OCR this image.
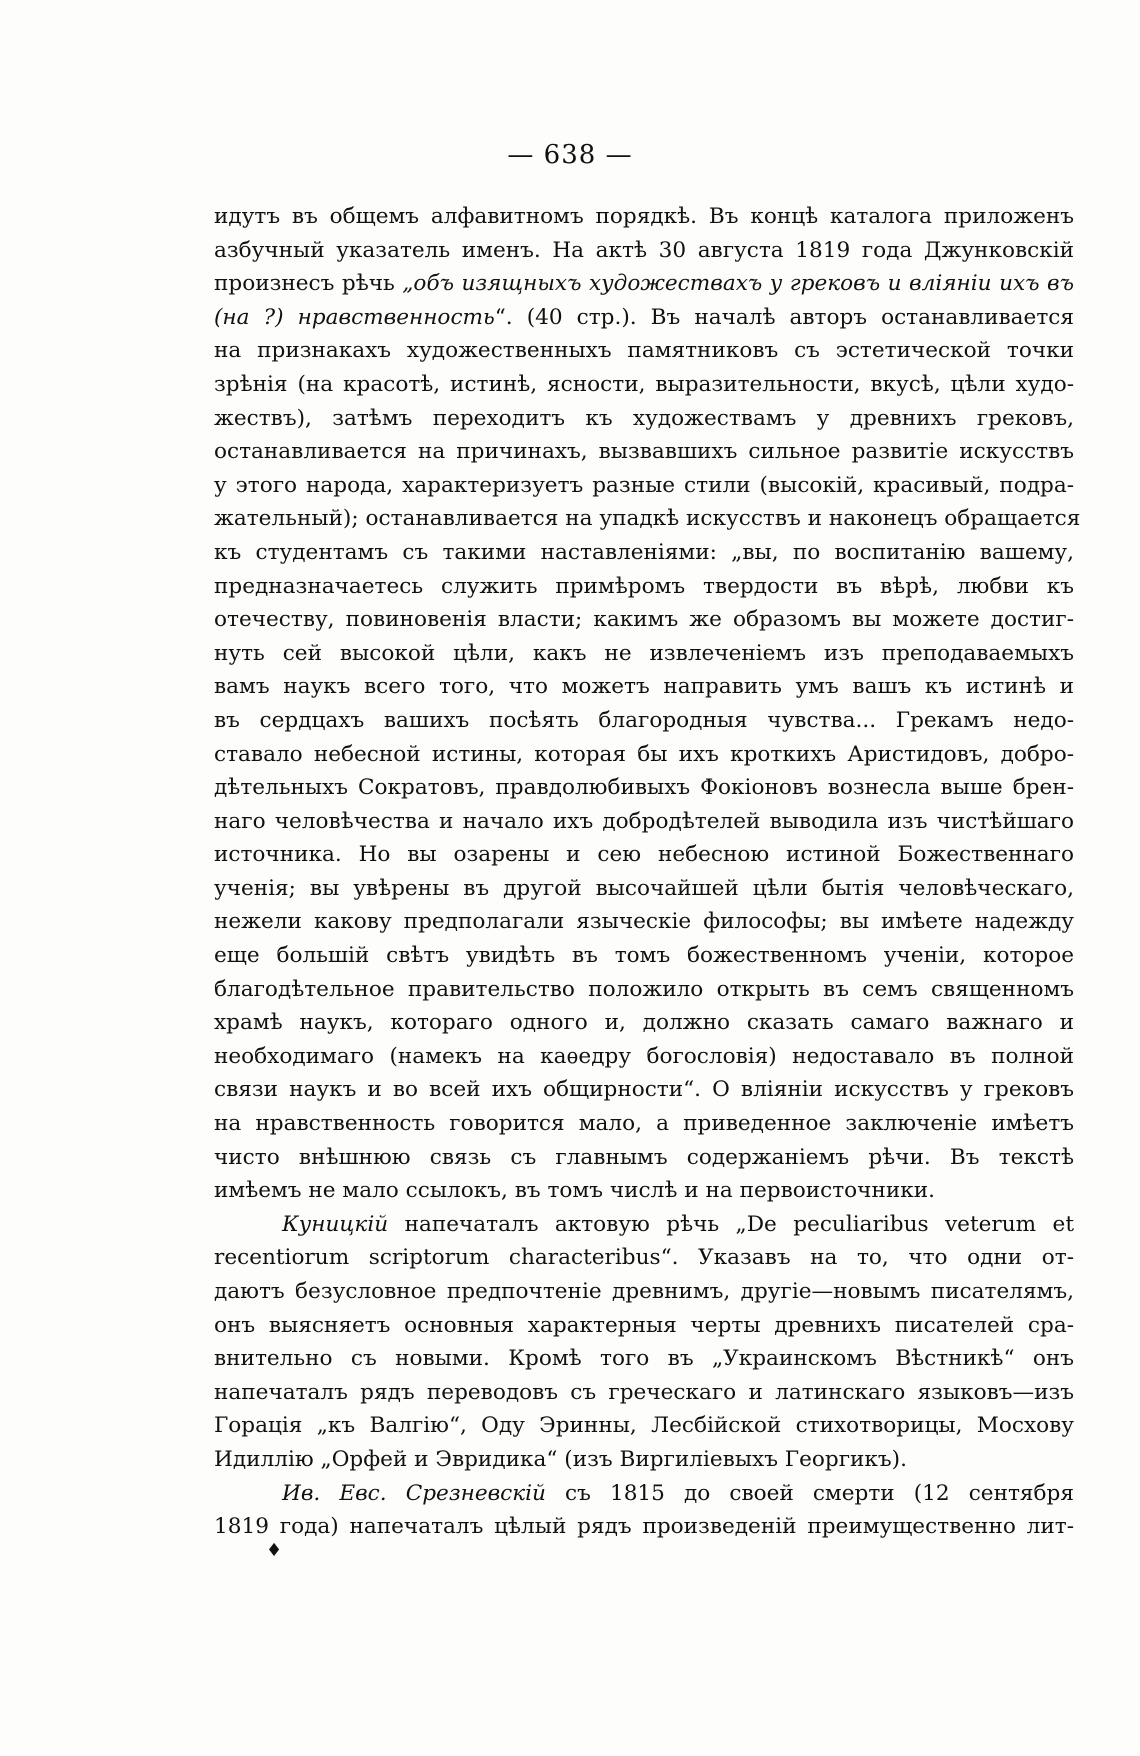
— 638 —
идутъ въ общемъ алфавитномъ порядкѣ. Въ концѣ каталога приложенъ
азбучный указатель именъ. На актѣ 30 августа 1819 года Джунковскій
произнесъ рѣчь „объ изящныхъ художествахъ у грековъ и вліяніи ихъ въ
(на ?) нравственность“. (40 стр.). Въ началѣ авторъ останавливается
на признакахъ художественныхъ памятниковъ съ эстетической точки
зрѣнія (на красотѣ, истинѣ, ясности, выразительности, вкусѣ, цѣли худо-
жествъ), затѣмъ переходитъ къ художествамъ у древнихъ грековъ,
останавливается на причинахъ, вызвавшихъ сильное развитіе искусствъ
у этого народа, характеризуетъ разные стили (высокій, красивый, подра-
жательный); останавливается на упадкѣ искусствъ и наконецъ обращается
къ студентамъ съ такими наставленіями: „вы, по воспитанію вашему,
предназначаетесь служить примѣромъ твердости въ вѣрѣ, любви къ
отечеству, повиновенія власти; какимъ же образомъ вы можете достиг-
нуть сей высокой цѣли, какъ не извлеченіемъ изъ преподаваемыхъ
вамъ наукъ всего того, что можетъ направить умъ вашъ къ истинѣ и
въ сердцахъ вашихъ посѣять благородныя чувства... Грекамъ недо-
ставало небесной истины, которая бы ихъ кроткихъ Аристидовъ, добро-
дѣтельныхъ Сократовъ, правдолюбивыхъ Фокіоновъ вознесла выше брен-
наго человѣчества и начало ихъ добродѣтелей выводила изъ чистѣйшаго
источника. Но вы озарены и сею небесною истиной Божественнаго
ученія; вы увѣрены въ другой высочайшей цѣли бытія человѣческаго,
нежели какову предполагали языческіе философы; вы имѣете надежду
еще большій свѣтъ увидѣть въ томъ божественномъ ученіи, которое
благодѣтельное правительство положило открыть въ семъ священномъ
храмѣ наукъ, котораго одного и, должно сказать самаго важнаго и
необходимаго (намекъ на каѳедру богословія) недоставало въ полной
связи наукъ и во всей ихъ общирности“. О вліяніи искусствъ у грековъ
на нравственность говорится мало, а приведенное заключеніе имѣетъ
чисто внѣшнюю связь съ главнымъ содержаніемъ рѣчи. Въ текстѣ
имѣемъ не мало ссылокъ, въ томъ числѣ и на первоисточники.
Куницкій напечаталъ актовую рѣчь „De peculiaribus veterum et
recentiorum scriptorum characteribus“. Указавъ на то, что одни от-
даютъ безусловное предпочтеніе древнимъ, другіе—новымъ писателямъ,
онъ выясняетъ основныя характерныя черты древнихъ писателей сра-
внительно съ новыми. Кромѣ того въ „Украинскомъ Вѣстникѣ“ онъ
напечаталъ рядъ переводовъ съ греческаго и латинскаго языковъ—изъ
Горація „къ Валгію“, Оду Эринны, Лесбійской стихотворицы, Мосхову
Идиллію „Орфей и Эвридика“ (изъ Виргиліевыхъ Георгикъ).
Ив. Евс. Срезневскій съ 1815 до своей смерти (12 сентября
1819 года) напечаталъ цѣлый рядъ произведеній преимущественно лит-
♦
